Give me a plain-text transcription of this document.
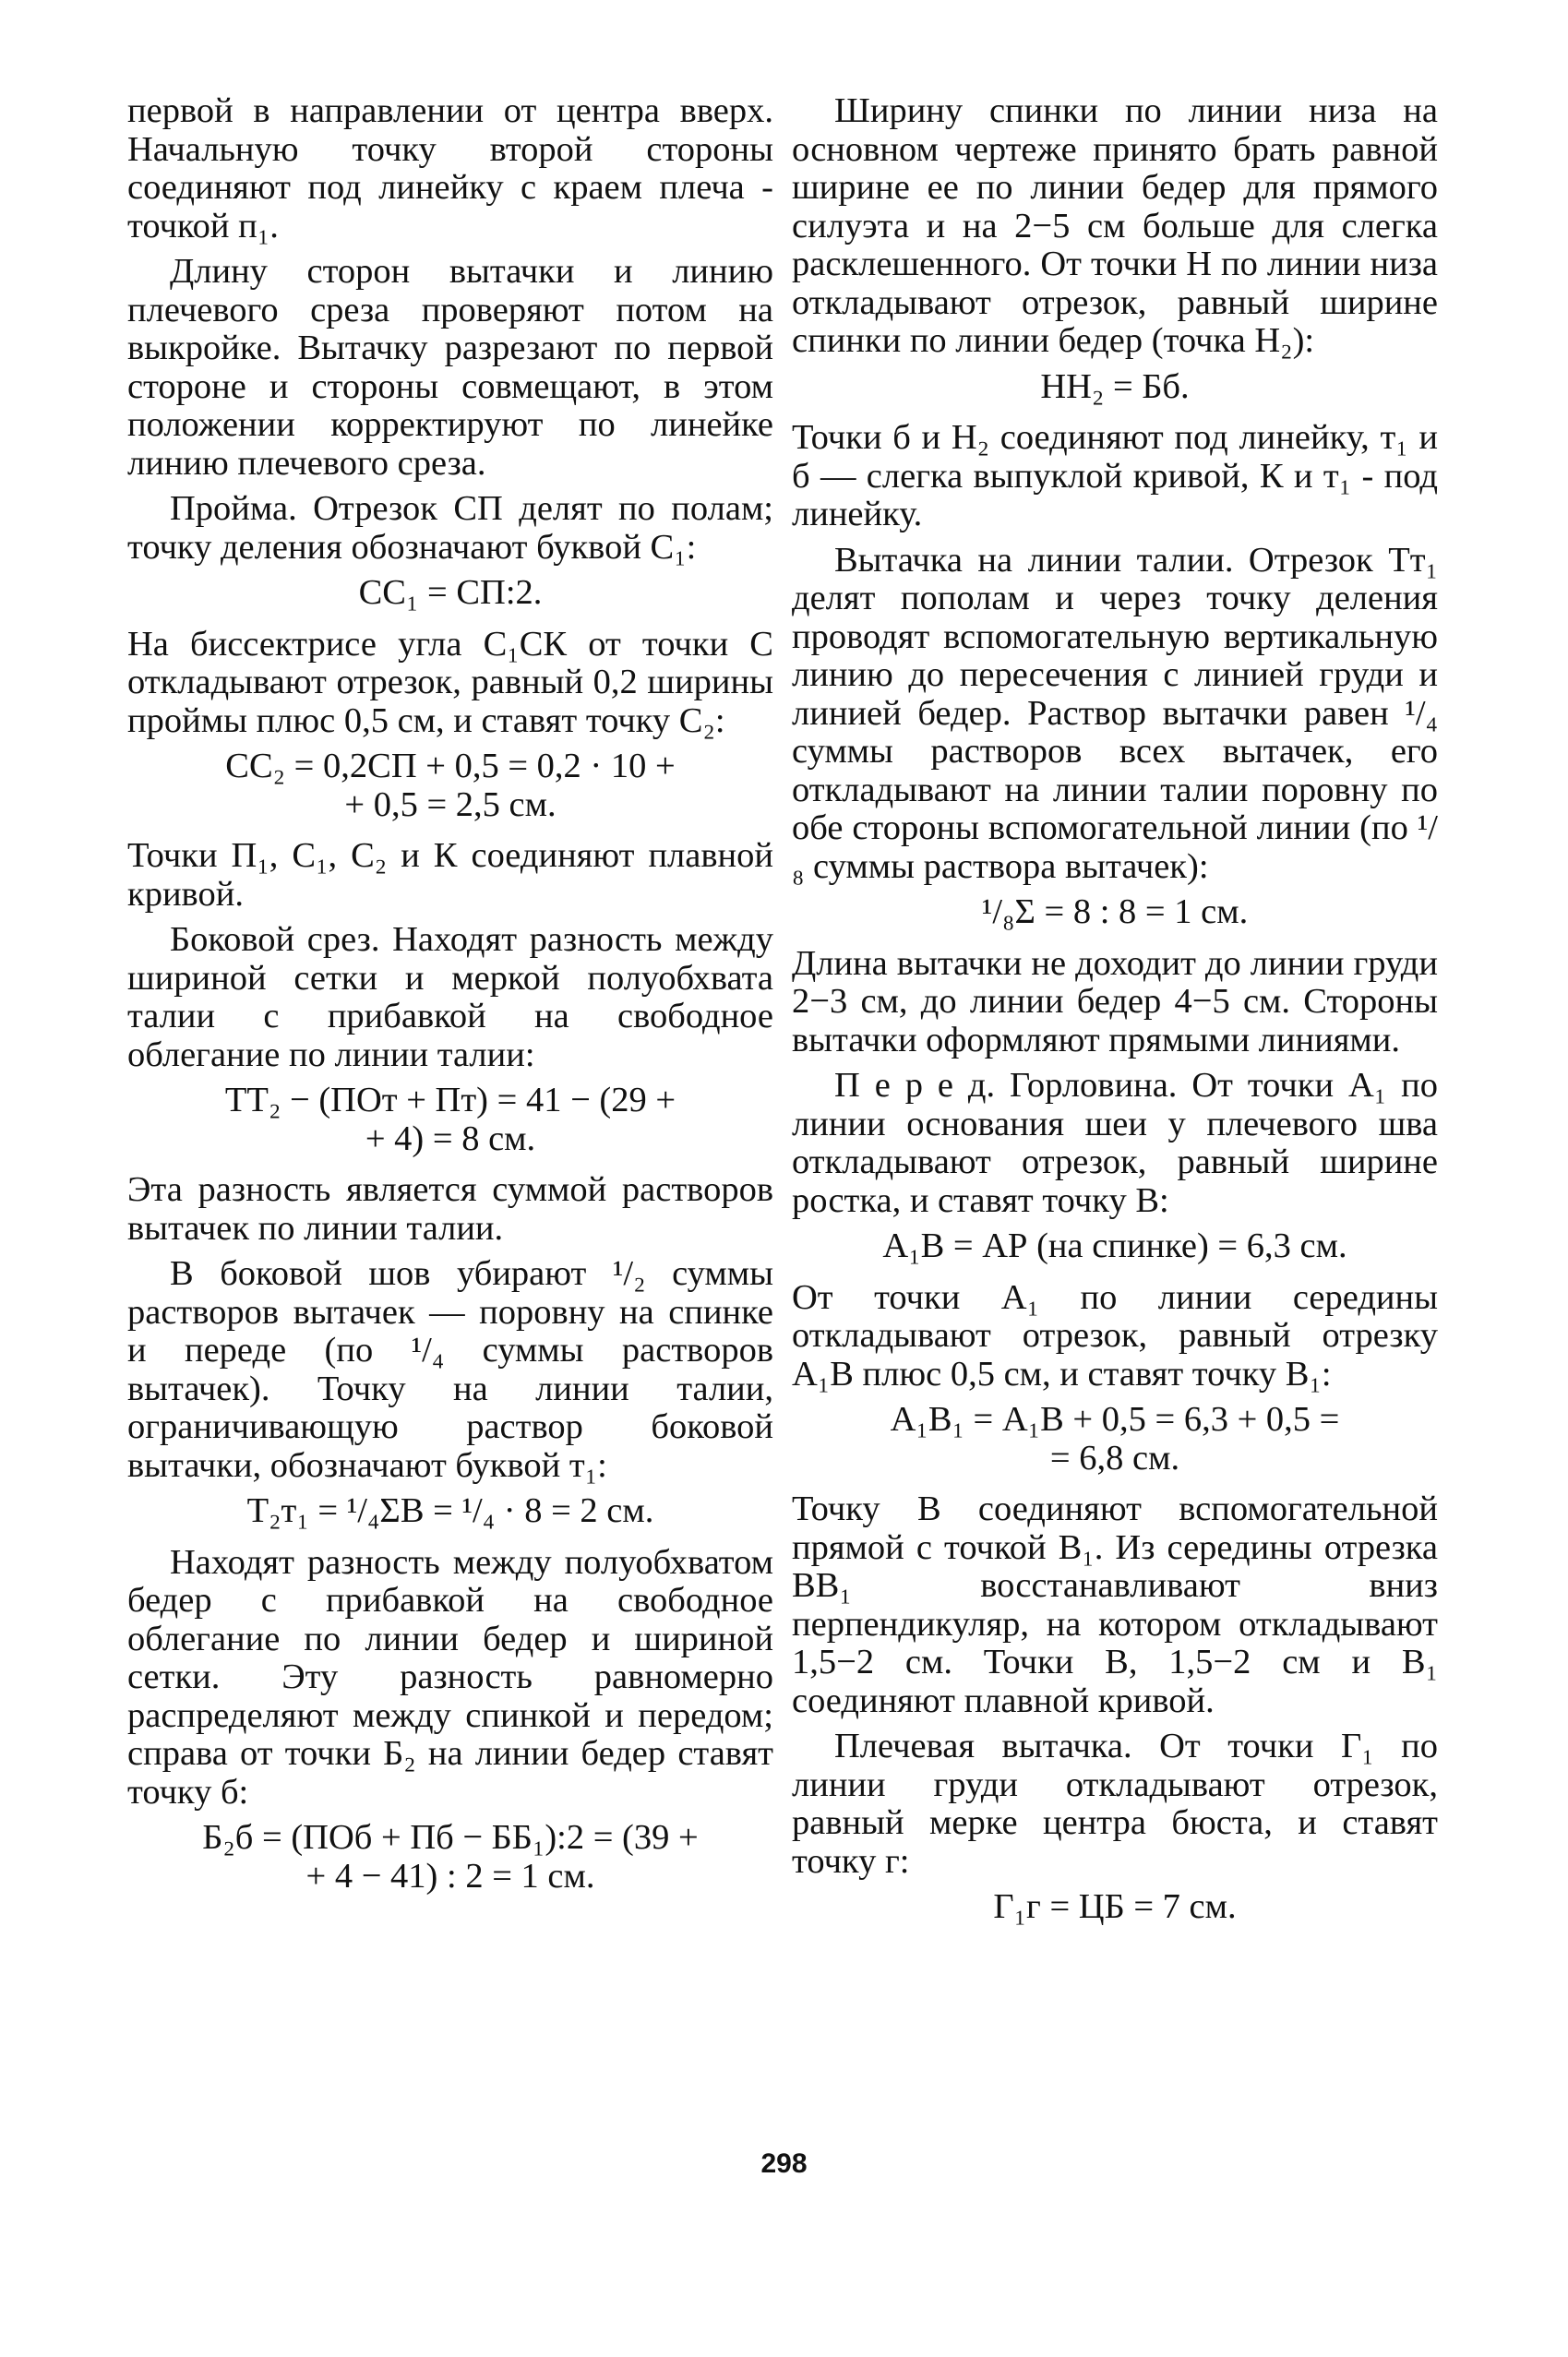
первой в направлении от центра вверх. Начальную точку второй стороны соединяют под линейку с краем плеча - точкой п₁.

Длину сторон вытачки и линию плечевого среза проверяют потом на выкройке. Вытачку разрезают по первой стороне и стороны совмещают, в этом положении корректируют по линейке линию плечевого среза.

Пройма. Отрезок СП делят по полам; точку деления обозначают буквой С₁:

СС₁ = СП:2.

На биссектрисе угла С₁СК от точки С откладывают отрезок, равный 0,2 ширины проймы плюс 0,5 см, и ставят точку С₂:

СС₂ = 0,2СП + 0,5 = 0,2 · 10 +
+ 0,5 = 2,5 см.

Точки П₁, С₁, С₂ и К соединяют плавной кривой.

Боковой срез. Находят разность между шириной сетки и меркой полуобхвата талии с прибавкой на свободное облегание по линии талии:

ТТ₂ − (ПОт + Пт) = 41 − (29 +
+ 4) = 8 см.

Эта разность является суммой растворов вытачек по линии талии.

В боковой шов убирают ¹/₂ суммы растворов вытачек — поровну на спинке и переде (по ¹/₄ суммы растворов вытачек). Точку на линии талии, ограничивающую раствор боковой вытачки, обозначают буквой т₁:

Т₂т₁ = ¹/₄ΣВ = ¹/₄ · 8 = 2 см.

Находят разность между полуобхватом бедер с прибавкой на свободное облегание по линии бедер и шириной сетки. Эту разность равномерно распределяют между спинкой и передом; справа от точки Б₂ на линии бедер ставят точку б:

Б₂б = (ПОб + Пб − ББ₁):2 = (39 +
+ 4 − 41) : 2 = 1 см.

Ширину спинки по линии низа на основном чертеже принято брать равной ширине ее по линии бедер для прямого силуэта и на 2−5 см больше для слегка расклешенного. От точки Н по линии низа откладывают отрезок, равный ширине спинки по линии бедер (точка Н₂):

НН₂ = Бб.

Точки б и Н₂ соединяют под линейку, т₁ и б — слегка выпуклой кривой, К и т₁ - под линейку.

Вытачка на линии талии. Отрезок Тт₁ делят пополам и через точку деления проводят вспомогательную вертикальную линию до пересечения с линией груди и линией бедер. Раствор вытачки равен ¹/₄ суммы растворов всех вытачек, его откладывают на линии талии поровну по обе стороны вспомогательной линии (по ¹/₈ суммы раствора вытачек):

¹/₈Σ = 8 : 8 = 1 см.

Длина вытачки не доходит до линии груди 2−3 см, до линии бедер 4−5 см. Стороны вытачки оформляют прямыми линиями.

П е р е д. Горловина. От точки А₁ по линии основания шеи у плечевого шва откладывают отрезок, равный ширине ростка, и ставят точку В:

А₁В = АР (на спинке) = 6,3 см.

От точки А₁ по линии середины откладывают отрезок, равный отрезку А₁В плюс 0,5 см, и ставят точку В₁:

А₁В₁ = А₁В + 0,5 = 6,3 + 0,5 =
= 6,8 см.

Точку В соединяют вспомогательной прямой с точкой В₁. Из середины отрезка ВВ₁ восстанавливают вниз перпендикуляр, на котором откладывают 1,5−2 см. Точки В, 1,5−2 см и В₁ соединяют плавной кривой.

Плечевая вытачка. От точки Г₁ по линии груди откладывают отрезок, равный мерке центра бюста, и ставят точку г:

Г₁г = ЦБ = 7 см.
298
